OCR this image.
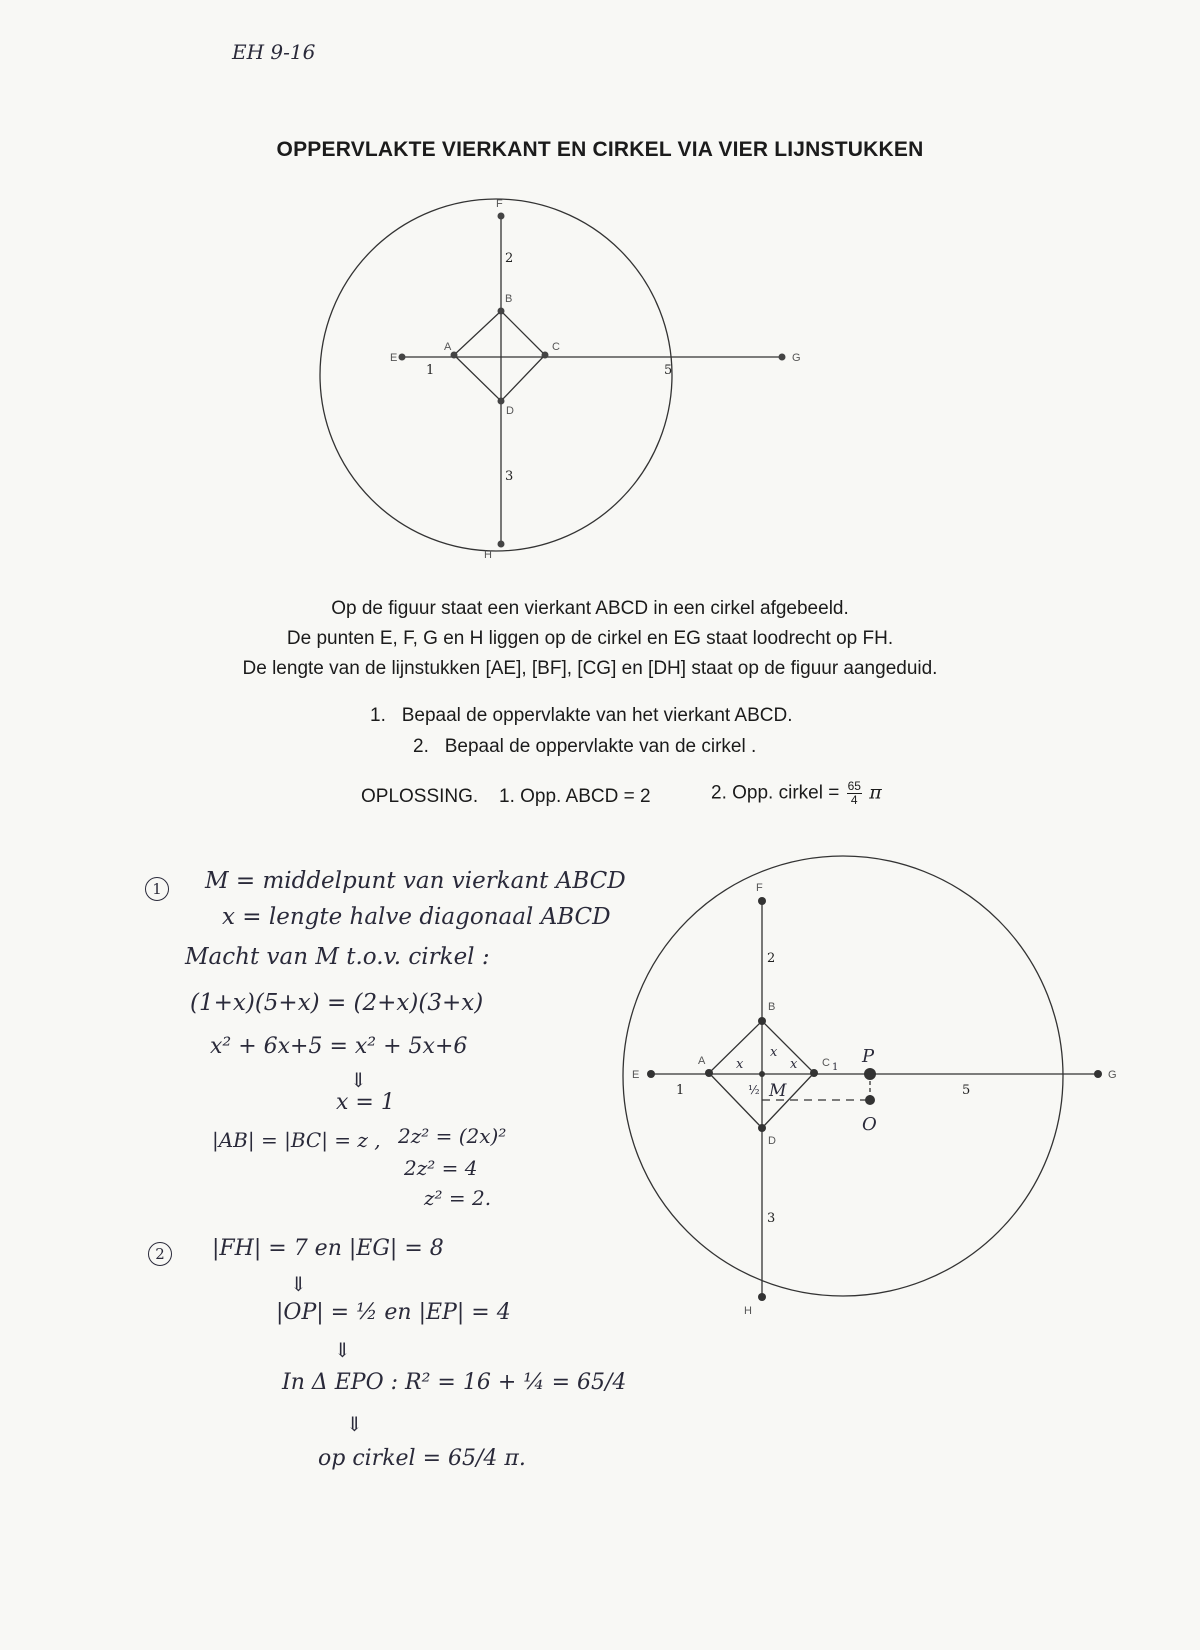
EH 9-16
OPPERVLAKTE VIERKANT EN CIRKEL VIA VIER LIJNSTUKKEN
E
A
B
C
D
F
G
H
1
2
5
3
Op de figuur staat een vierkant ABCD in een cirkel afgebeeld.
De punten E, F, G en H liggen op de cirkel en EG staat loodrecht op FH.
De lengte van de lijnstukken [AE], [BF], [CG] en [DH] staat op de figuur aangeduid.
1. Bepaal de oppervlakte van het vierkant ABCD.
2. Bepaal de oppervlakte van de cirkel .
OPLOSSING. 1. Opp. ABCD = 2	2. Opp. cirkel = $\frac{65}{4}$ π
1	M = middelpunt van vierkant ABCD
x = lengte halve diagonaal ABCD
Macht van M t.o.v. cirkel :
(1+x)(5+x) = (2+x)(3+x)
x² + 6x+5 = x² + 5x+6
⇓
x = 1
|AB| = |BC| = z , 2z² = (2x)²
2z² = 4
z² = 2.
2	|FH| = 7 en |EG| = 8
⇓
|OP| = ½ en |EP| = 4
⇓
In Δ EPO : R² = 16 + ¼ = 65/4
⇓
op cirkel = 65/4 π.
E
A
B
C 1
D
F
G
H
M
P
O
1
2
5
3
x
x
x
½
